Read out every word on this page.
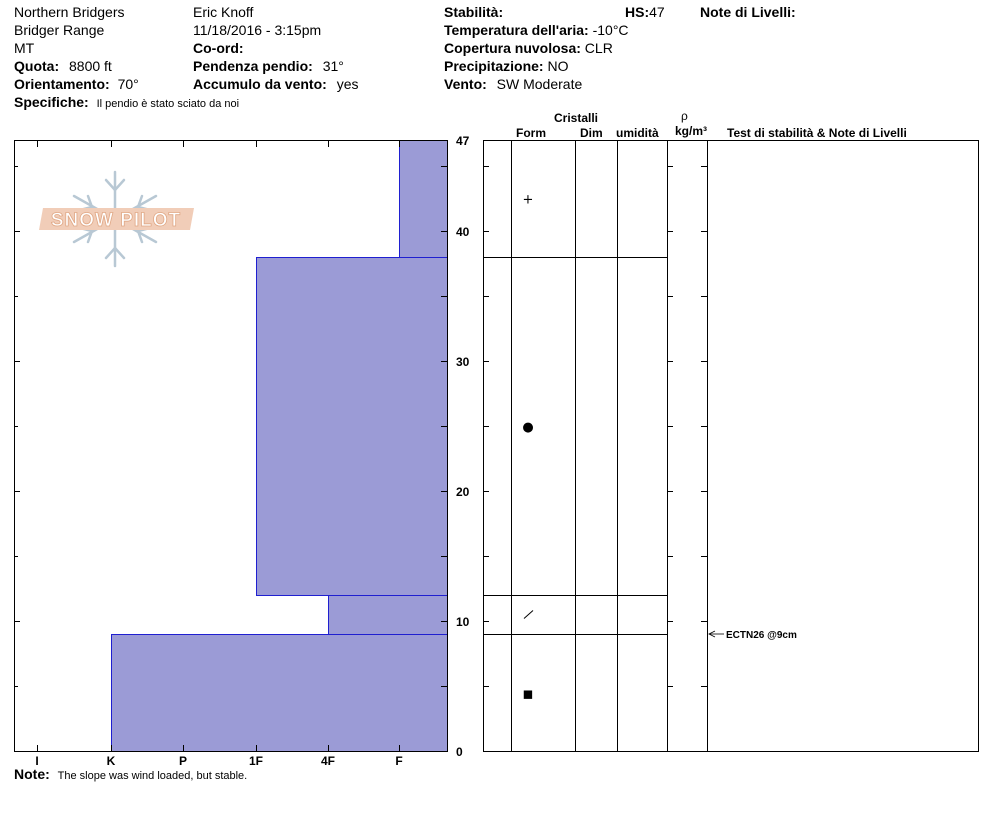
Northern Bridgers
Bridger Range
MT
Quota: 8800 ft
Orientamento: 70°
Specifiche: Il pendio è stato sciato da noi
Eric Knoff
11/18/2016 - 3:15pm
Co-ord:
Pendenza pendio: 31°
Accumulo da vento: yes
Stabilità:	HS:47	Note di Livelli:
Temperatura dell'aria: -10°C
Copertura nuvolosa: CLR
Precipitazione: NO
Vento: SW Moderate
Cristalli
Form	Dim umidità
ρ
kg/m³ Test di stabilità & Note di Livelli
Note: The slope was wind loaded, but stable.
SNOW PILOT
0
10
20
30
40
47
I	K	P	1F	4F	F
+
●
■
ECTN26 @9cm
